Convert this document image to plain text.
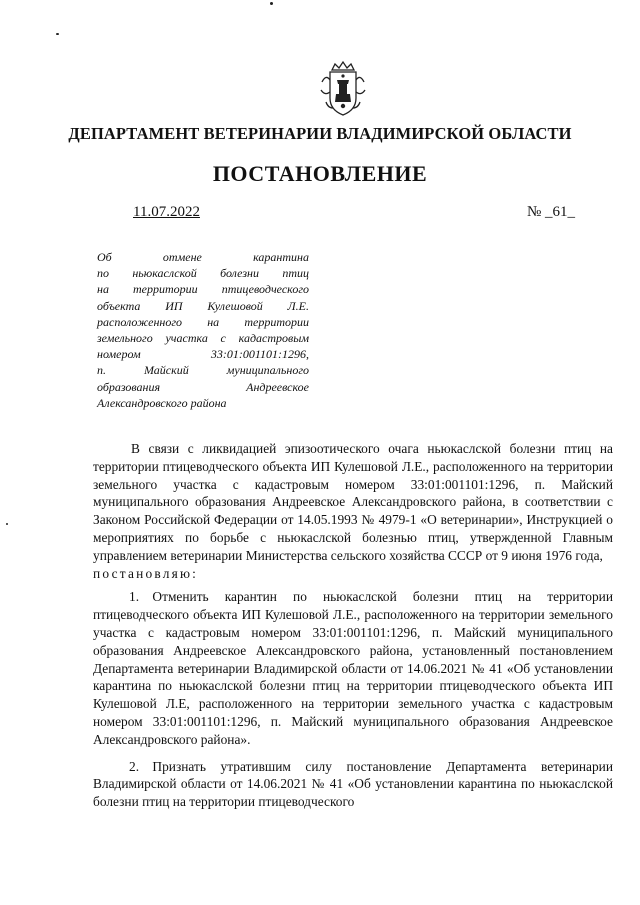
ДЕПАРТАМЕНТ ВЕТЕРИНАРИИ ВЛАДИМИРСКОЙ ОБЛАСТИ
ПОСТАНОВЛЕНИЕ
11.07.2022	№ _61_
Об отмене карантина
по ньюкаслской болезни птиц
на территории птицеводческого
объекта ИП Кулешовой Л.Е.
расположенного на территории
земельного участка с кадастровым
номером 33:01:001101:1296,
п. Майский муниципального
образования Андреевское
Александровского района

В связи с ликвидацией эпизоотического очага ньюкаслской болезни птиц на территории птицеводческого объекта ИП Кулешовой Л.Е., расположенного на территории земельного участка с кадастровым номером 33:01:001101:1296, п. Майский муниципального образования Андреевское Александровского района, в соответствии с Законом Российской Федерации от 14.05.1993 № 4979-1 «О ветеринарии», Инструкцией о мероприятиях по борьбе с ньюкаслской болезнью птиц, утвержденной Главным управлением ветеринарии Министерства сельского хозяйства СССР от 9 июня 1976 года,

постановляю:

1. Отменить карантин по ньюкаслской болезни птиц на территории птицеводческого объекта ИП Кулешовой Л.Е., расположенного на территории земельного участка с кадастровым номером 33:01:001101:1296, п. Майский муниципального образования Андреевское Александровского района, установленный постановлением Департамента ветеринарии Владимирской области от 14.06.2021 № 41 «Об установлении карантина по ньюкаслской болезни птиц на территории птицеводческого объекта ИП Кулешовой Л.Е, расположенного на территории земельного участка с кадастровым номером 33:01:001101:1296, п. Майский муниципального образования Андреевское Александровского района».

2. Признать утратившим силу постановление Департамента ветеринарии Владимирской области от 14.06.2021 № 41 «Об установлении карантина по ньюкаслской болезни птиц на территории птицеводческого
